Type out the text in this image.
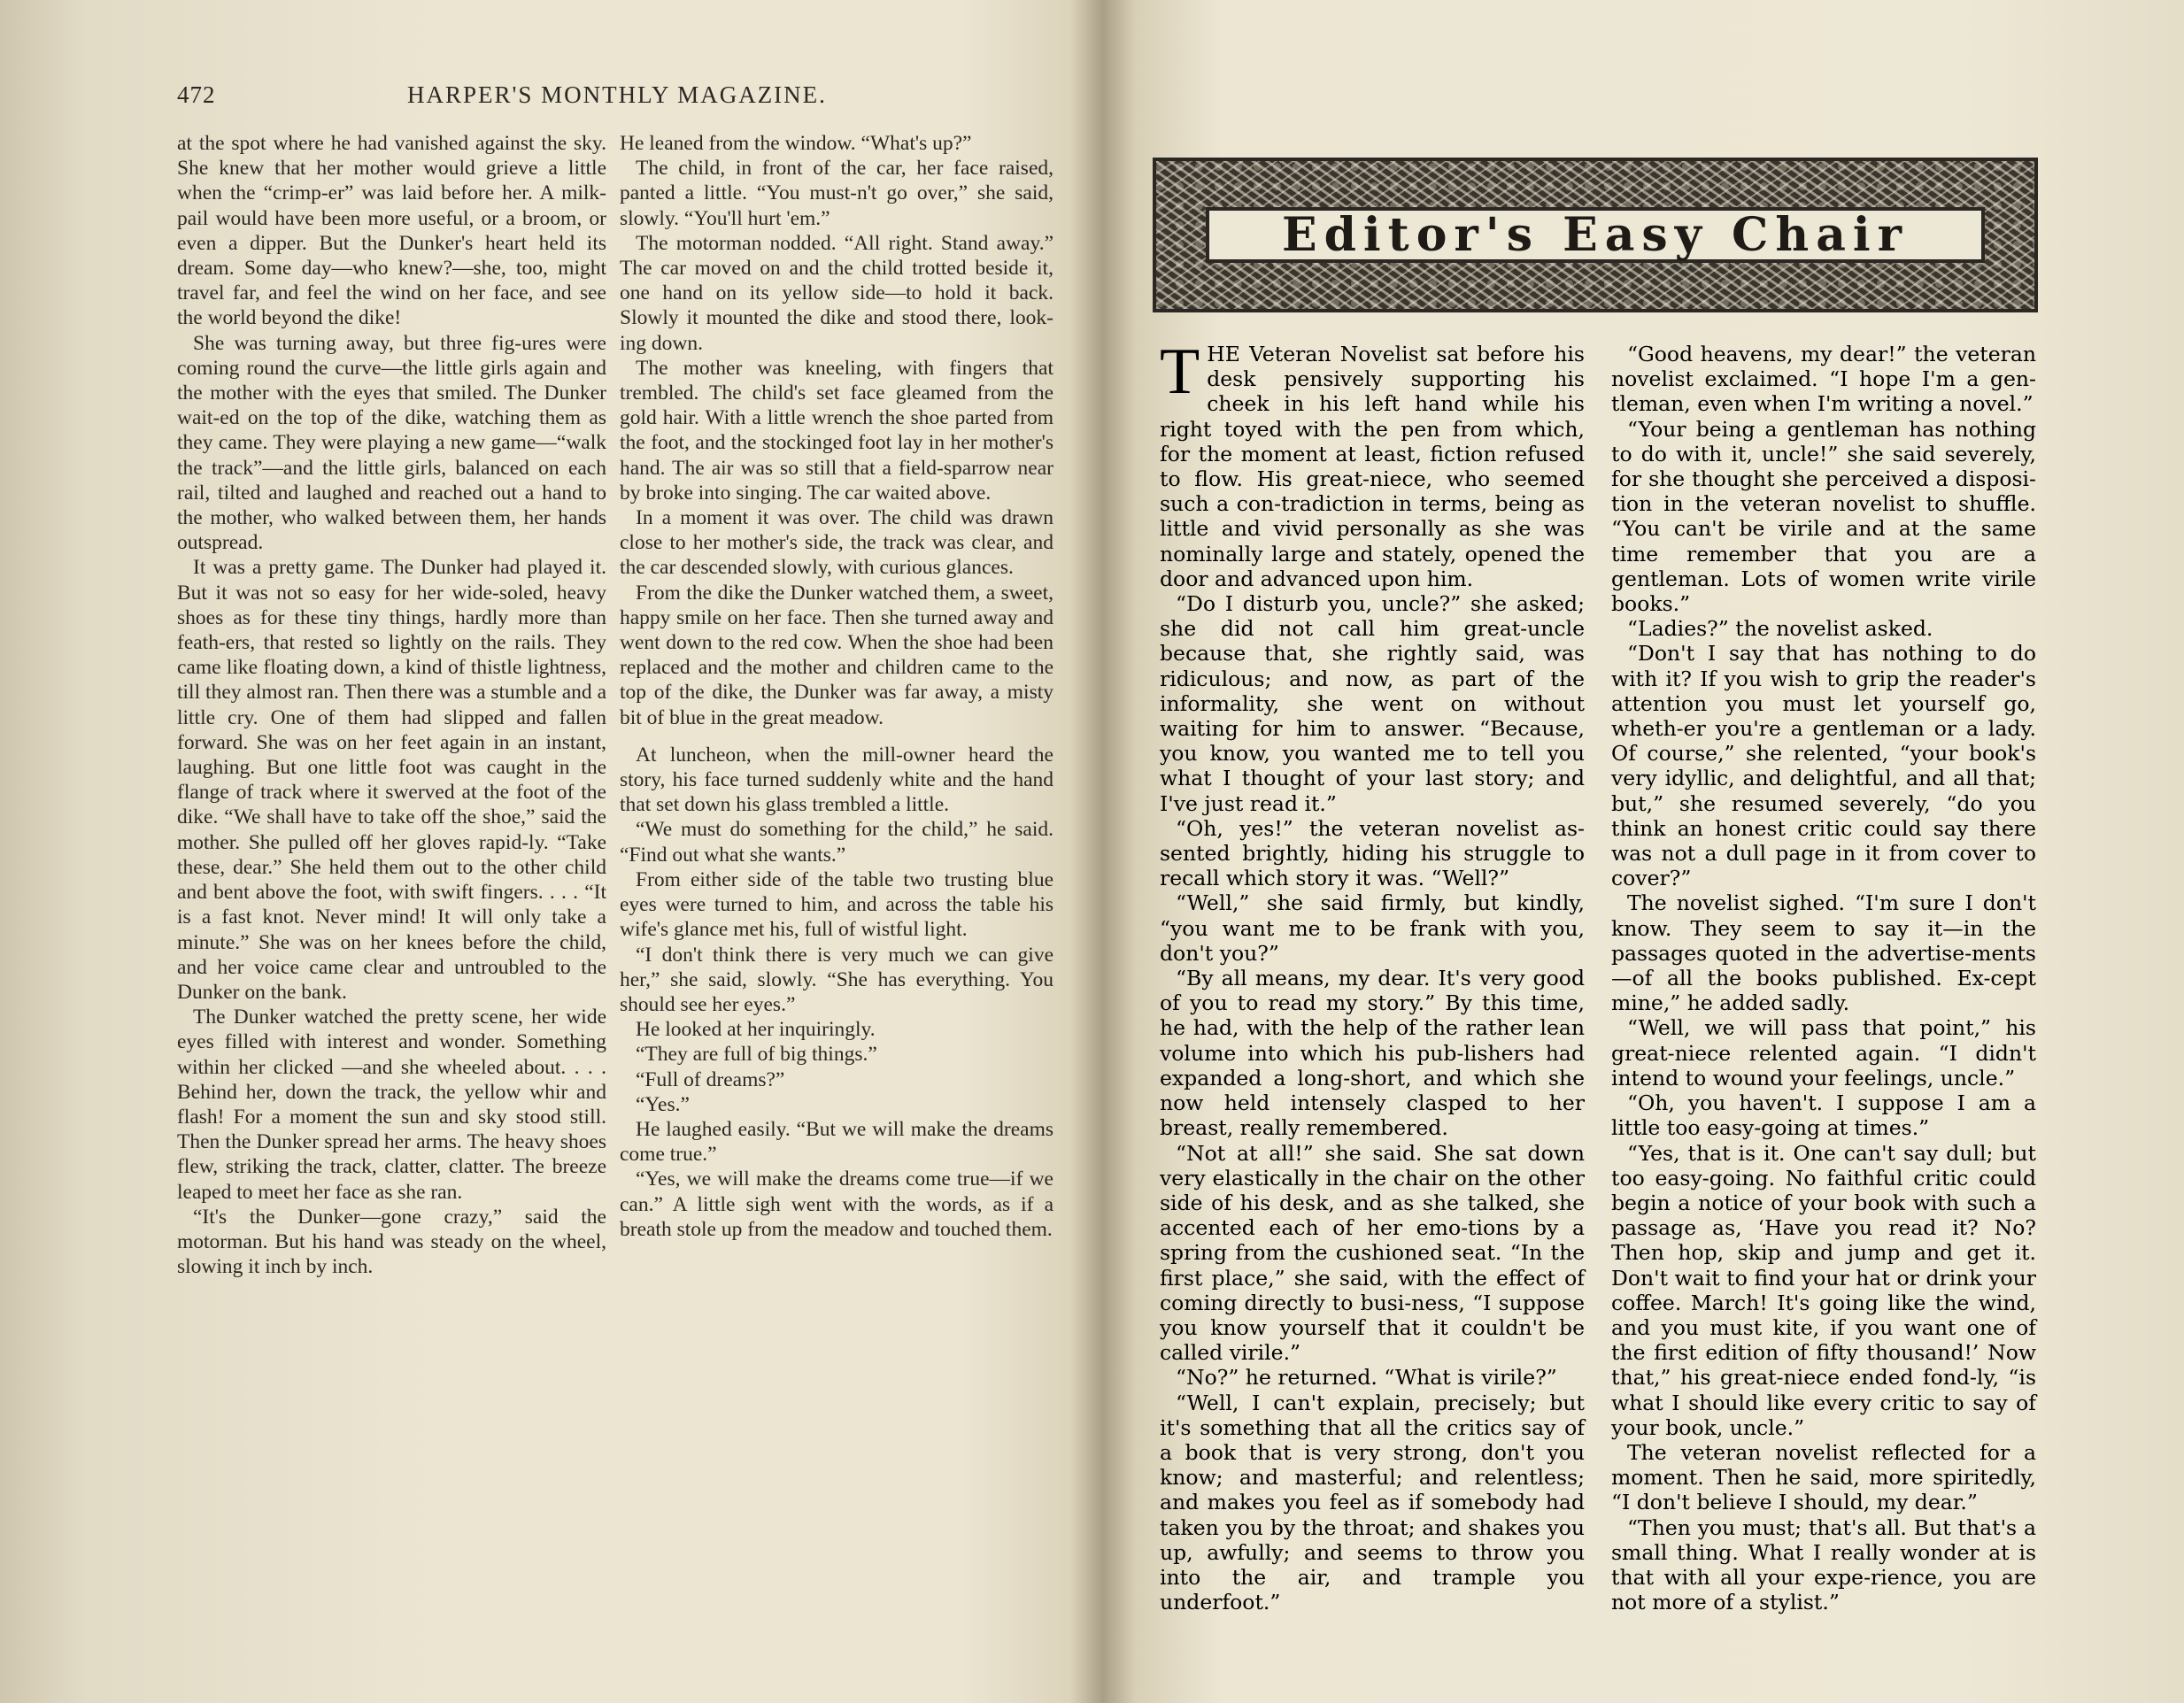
472	HARPER'S MONTHLY MAGAZINE.

at the spot where he had vanished against the sky. She knew that her mother would grieve a little when the “crimp-er” was laid before her. A milk-pail would have been more useful, or a broom, or even a dipper. But the Dunker's heart held its dream. Some day—who knew?—she, too, might travel far, and feel the wind on her face, and see the world beyond the dike!

She was turning away, but three fig-ures were coming round the curve—the little girls again and the mother with the eyes that smiled. The Dunker wait-ed on the top of the dike, watching them as they came. They were playing a new game—“walk the track”—and the little girls, balanced on each rail, tilted and laughed and reached out a hand to the mother, who walked between them, her hands outspread.

It was a pretty game. The Dunker had played it. But it was not so easy for her wide-soled, heavy shoes as for these tiny things, hardly more than feath-ers, that rested so lightly on the rails. They came like floating down, a kind of thistle lightness, till they almost ran. Then there was a stumble and a little cry. One of them had slipped and fallen forward. She was on her feet again in an instant, laughing. But one little foot was caught in the flange of track where it swerved at the foot of the dike. “We shall have to take off the shoe,” said the mother. She pulled off her gloves rapid-ly. “Take these, dear.” She held them out to the other child and bent above the foot, with swift fingers. . . . “It is a fast knot. Never mind! It will only take a minute.” She was on her knees before the child, and her voice came clear and untroubled to the Dunker on the bank.

The Dunker watched the pretty scene, her wide eyes filled with interest and wonder. Something within her clicked —and she wheeled about. . . . Behind her, down the track, the yellow whir and flash! For a moment the sun and sky stood still. Then the Dunker spread her arms. The heavy shoes flew, striking the track, clatter, clatter. The breeze leaped to meet her face as she ran.

“It's the Dunker—gone crazy,” said the motorman. But his hand was steady on the wheel, slowing it inch by inch.

He leaned from the window. “What's up?”

The child, in front of the car, her face raised, panted a little. “You must-n't go over,” she said, slowly. “You'll hurt 'em.”

The motorman nodded. “All right. Stand away.” The car moved on and the child trotted beside it, one hand on its yellow side—to hold it back. Slowly it mounted the dike and stood there, look-ing down.

The mother was kneeling, with fingers that trembled. The child's set face gleamed from the gold hair. With a little wrench the shoe parted from the foot, and the stockinged foot lay in her mother's hand. The air was so still that a field-sparrow near by broke into singing. The car waited above.

In a moment it was over. The child was drawn close to her mother's side, the track was clear, and the car descended slowly, with curious glances.

From the dike the Dunker watched them, a sweet, happy smile on her face. Then she turned away and went down to the red cow. When the shoe had been replaced and the mother and children came to the top of the dike, the Dunker was far away, a misty bit of blue in the great meadow.

At luncheon, when the mill-owner heard the story, his face turned suddenly white and the hand that set down his glass trembled a little.

“We must do something for the child,” he said. “Find out what she wants.”

From either side of the table two trusting blue eyes were turned to him, and across the table his wife's glance met his, full of wistful light.

“I don't think there is very much we can give her,” she said, slowly. “She has everything. You should see her eyes.”

He looked at her inquiringly.

“They are full of big things.”

“Full of dreams?”

“Yes.”

He laughed easily. “But we will make the dreams come true.”

“Yes, we will make the dreams come true—if we can.” A little sigh went with the words, as if a breath stole up from the meadow and touched them.

Editor's Easy Chair

THE Veteran Novelist sat before his desk pensively supporting his cheek in his left hand while his right toyed with the pen from which, for the moment at least, fiction refused to flow. His great-niece, who seemed such a con-tradiction in terms, being as little and vivid personally as she was nominally large and stately, opened the door and advanced upon him.

“Do I disturb you, uncle?” she asked; she did not call him great-uncle because that, she rightly said, was ridiculous; and now, as part of the informality, she went on without waiting for him to answer. “Because, you know, you wanted me to tell you what I thought of your last story; and I've just read it.”

“Oh, yes!” the veteran novelist as-sented brightly, hiding his struggle to recall which story it was. “Well?”

“Well,” she said firmly, but kindly, “you want me to be frank with you, don't you?”

“By all means, my dear. It's very good of you to read my story.” By this time, he had, with the help of the rather lean volume into which his pub-lishers had expanded a long-short, and which she now held intensely clasped to her breast, really remembered.

“Not at all!” she said. She sat down very elastically in the chair on the other side of his desk, and as she talked, she accented each of her emo-tions by a spring from the cushioned seat. “In the first place,” she said, with the effect of coming directly to busi-ness, “I suppose you know yourself that it couldn't be called virile.”

“No?” he returned. “What is virile?”

“Well, I can't explain, precisely; but it's something that all the critics say of a book that is very strong, don't you know; and masterful; and relentless; and makes you feel as if somebody had taken you by the throat; and shakes you up, awfully; and seems to throw you into the air, and trample you underfoot.”

“Good heavens, my dear!” the veteran novelist exclaimed. “I hope I'm a gen-tleman, even when I'm writing a novel.”

“Your being a gentleman has nothing to do with it, uncle!” she said severely, for she thought she perceived a disposi-tion in the veteran novelist to shuffle. “You can't be virile and at the same time remember that you are a gentleman. Lots of women write virile books.”

“Ladies?” the novelist asked.

“Don't I say that has nothing to do with it? If you wish to grip the reader's attention you must let yourself go, wheth-er you're a gentleman or a lady. Of course,” she relented, “your book's very idyllic, and delightful, and all that; but,” she resumed severely, “do you think an honest critic could say there was not a dull page in it from cover to cover?”

The novelist sighed. “I'm sure I don't know. They seem to say it—in the passages quoted in the advertise-ments—of all the books published. Ex-cept mine,” he added sadly.

“Well, we will pass that point,” his great-niece relented again. “I didn't intend to wound your feelings, uncle.”

“Oh, you haven't. I suppose I am a little too easy-going at times.”

“Yes, that is it. One can't say dull; but too easy-going. No faithful critic could begin a notice of your book with such a passage as, ‘Have you read it? No? Then hop, skip and jump and get it. Don't wait to find your hat or drink your coffee. March! It's going like the wind, and you must kite, if you want one of the first edition of fifty thousand!’ Now that,” his great-niece ended fond-ly, “is what I should like every critic to say of your book, uncle.”

The veteran novelist reflected for a moment. Then he said, more spiritedly, “I don't believe I should, my dear.”

“Then you must; that's all. But that's a small thing. What I really wonder at is that with all your expe-rience, you are not more of a stylist.”
